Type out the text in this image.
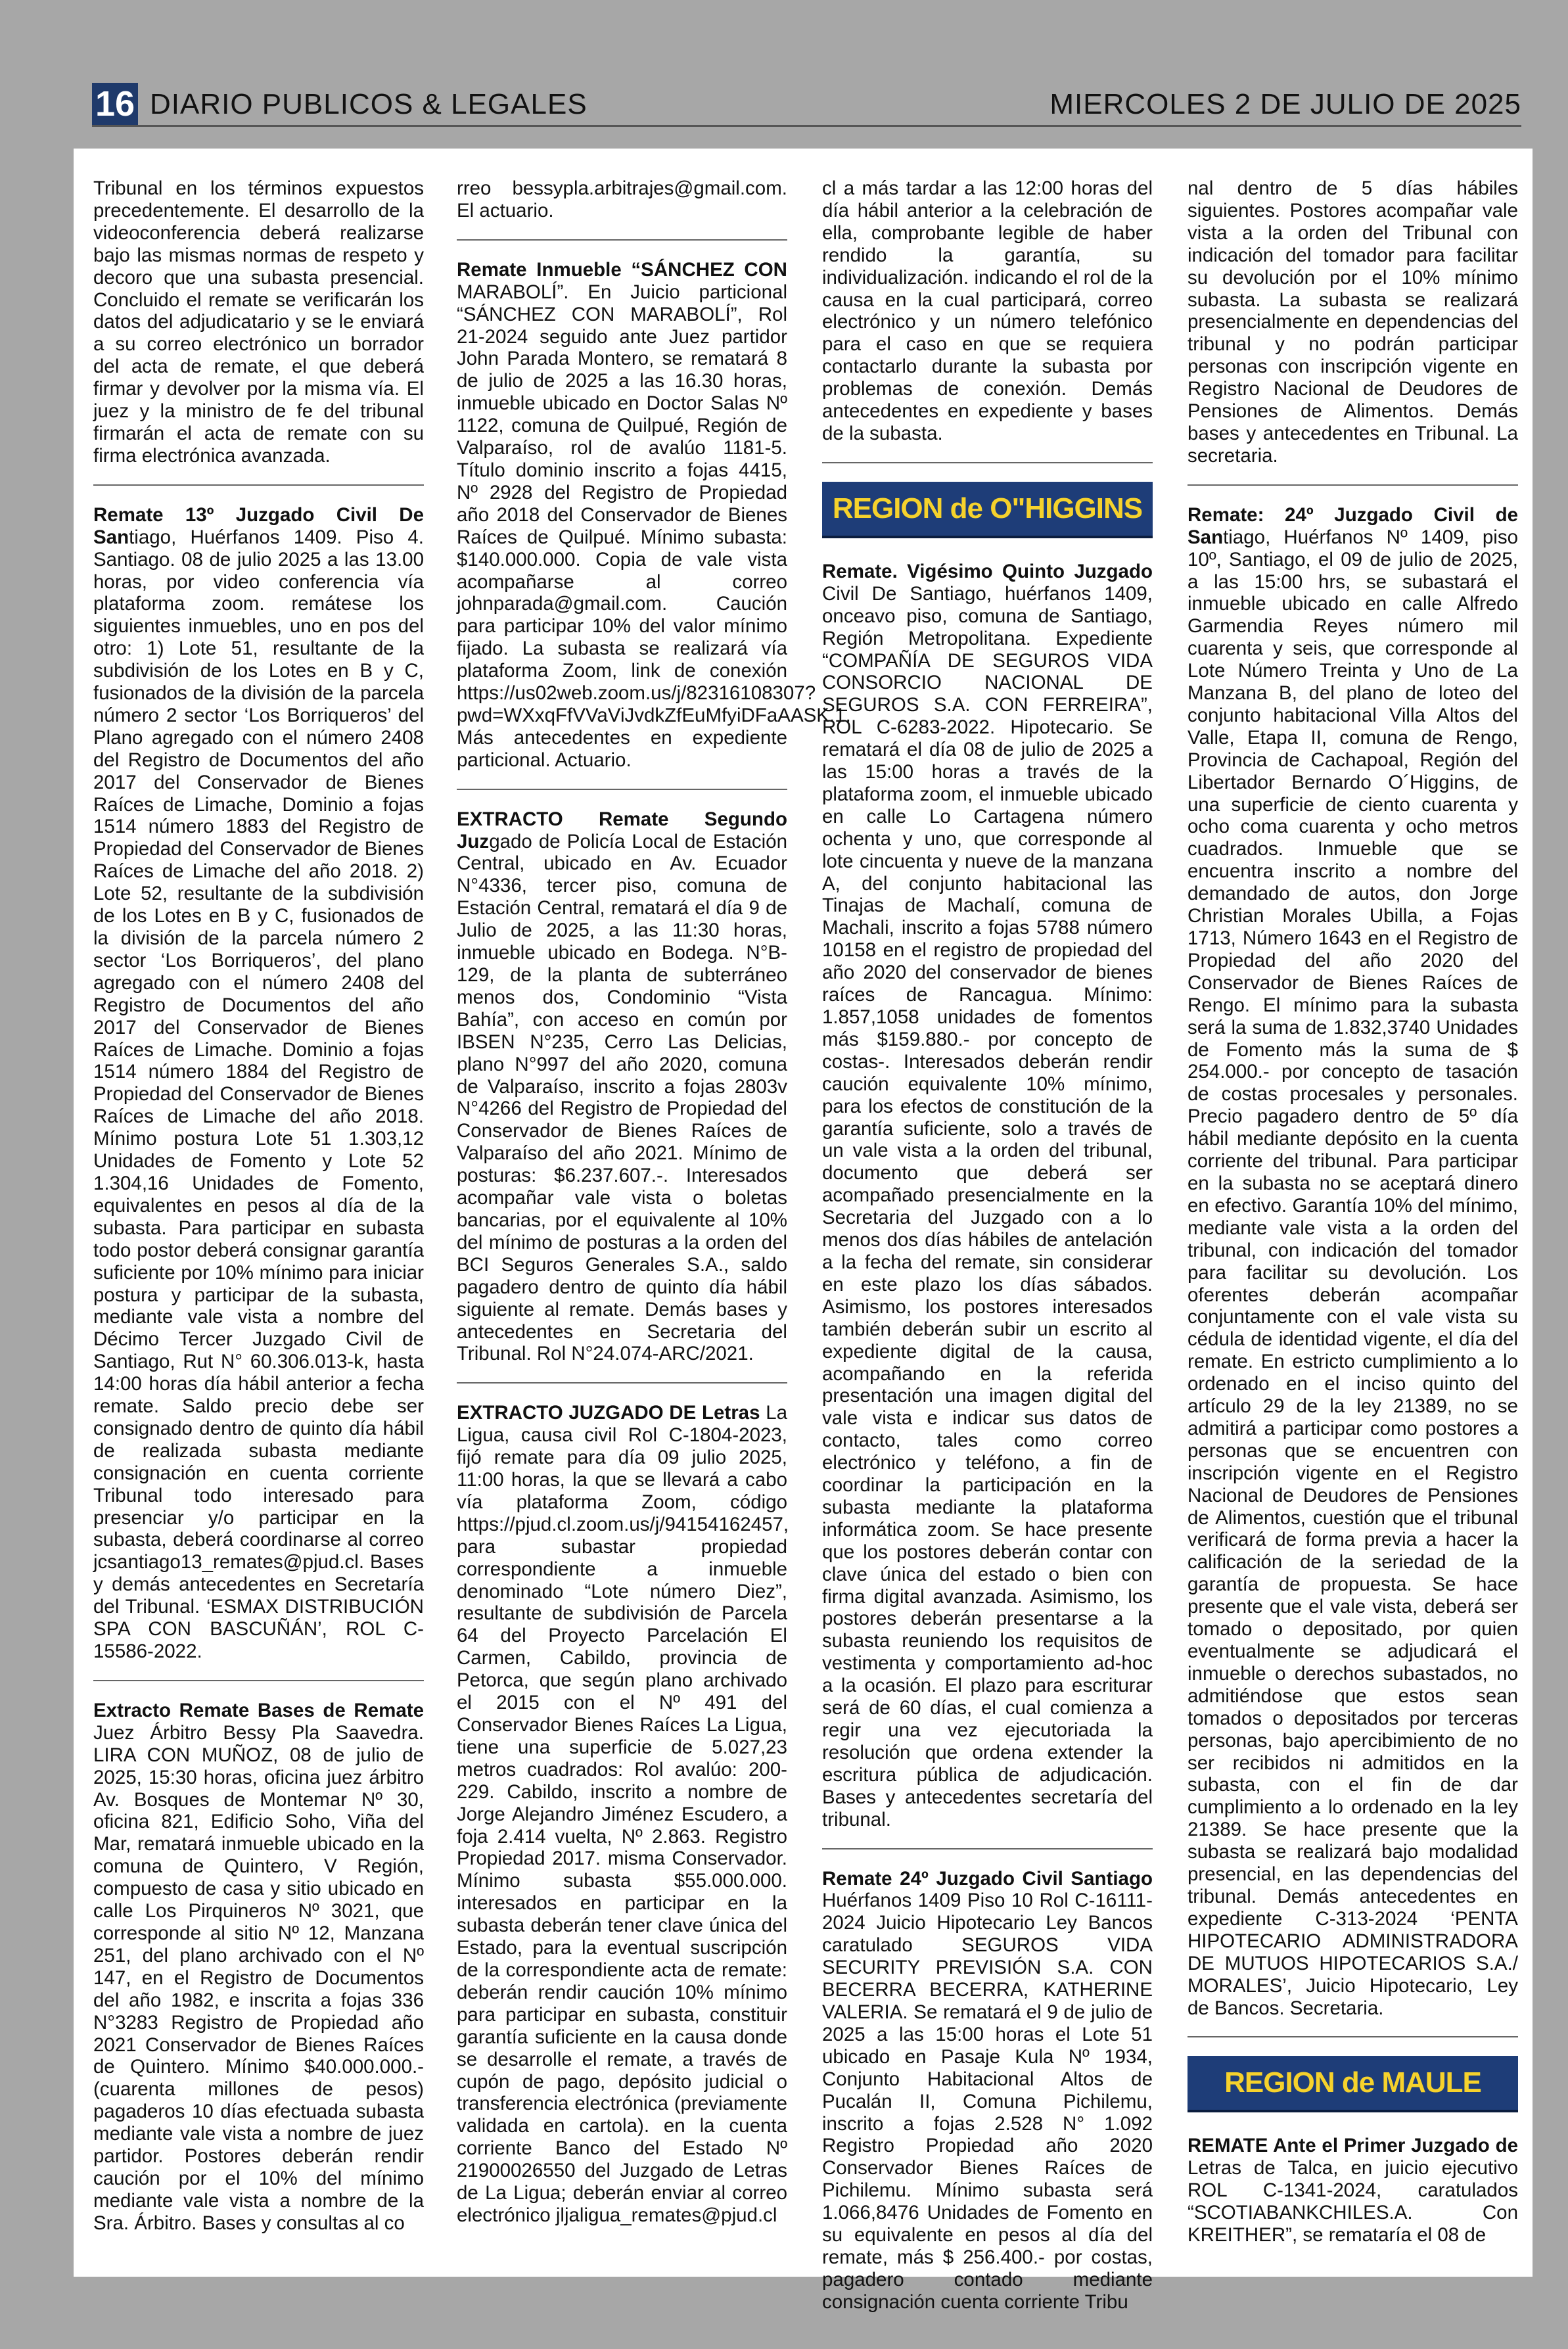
16 DIARIO PUBLICOS & LEGALES	MIERCOLES 2 DE JULIO DE 2025

Tribunal en los términos expuestos precedentemente. El desarrollo de la videoconferencia deberá realizarse bajo las mismas normas de respeto y decoro que una subasta presencial. Concluido el remate se verificarán los datos del adjudicatario y se le enviará a su correo electrónico un borrador del acta de remate, el que deberá firmar y devolver por la misma vía. El juez y la ministro de fe del tribunal firmarán el acta de remate con su firma electrónica avanzada.

Remate 13º Juzgado Civil De Santiago, Huérfanos 1409. Piso 4. Santiago. 08 de julio 2025 a las 13.00 horas, por video conferencia vía plataforma zoom. remátese los siguientes inmuebles, uno en pos del otro: 1) Lote 51, resultante de la subdivisión de los Lotes en B y C, fusionados de la división de la parcela número 2 sector ‘Los Borriqueros’ del Plano agregado con el número 2408 del Registro de Documentos del año 2017 del Conservador de Bienes Raíces de Limache, Dominio a fojas 1514 número 1883 del Registro de Propiedad del Conservador de Bienes Raíces de Limache del año 2018. 2) Lote 52, resultante de la subdivisión de los Lotes en B y C, fusionados de la división de la parcela número 2 sector ‘Los Borriqueros’, del plano agregado con el número 2408 del Registro de Documentos del año 2017 del Conservador de Bienes Raíces de Limache. Dominio a fojas 1514 número 1884 del Registro de Propiedad del Conservador de Bienes Raíces de Limache del año 2018. Mínimo postura Lote 51 1.303,12 Unidades de Fomento y Lote 52 1.304,16 Unidades de Fomento, equivalentes en pesos al día de la subasta. Para participar en subasta todo postor deberá consignar garantía suficiente por 10% mínimo para iniciar postura y participar de la subasta, mediante vale vista a nombre del Décimo Tercer Juzgado Civil de Santiago, Rut N° 60.306.013-k, hasta 14:00 horas día hábil anterior a fecha remate. Saldo precio debe ser consignado dentro de quinto día hábil de realizada subasta mediante consignación en cuenta corriente Tribunal todo interesado para presenciar y/o participar en la subasta, deberá coordinarse al correo jcsantiago13_remates@pjud.cl. Bases y demás antecedentes en Secretaría del Tribunal. ‘ESMAX DISTRIBUCIÓN SPA CON BASCUÑÁN’, ROL C-15586-2022.

Extracto Remate Bases de Remate Juez Árbitro Bessy Pla Saavedra. LIRA CON MUÑOZ, 08 de julio de 2025, 15:30 horas, oficina juez árbitro Av. Bosques de Montemar Nº 30, oficina 821, Edificio Soho, Viña del Mar, rematará inmueble ubicado en la comuna de Quintero, V Región, compuesto de casa y sitio ubicado en calle Los Pirquineros Nº 3021, que corresponde al sitio Nº 12, Manzana 251, del plano archivado con el Nº 147, en el Registro de Documentos del año 1982, e inscrita a fojas 336 N°3283 Registro de Propiedad año 2021 Conservador de Bienes Raíces de Quintero. Mínimo $40.000.000.- (cuarenta millones de pesos) pagaderos 10 días efectuada subasta mediante vale vista a nombre de juez partidor. Postores deberán rendir caución por el 10% del mínimo mediante vale vista a nombre de la Sra. Árbitro. Bases y consultas al co

rreo bessypla.arbitrajes@gmail.com. El actuario.

Remate Inmueble “SÁNCHEZ CON MARABOLÍ”. En Juicio particional “SÁNCHEZ CON MARABOLÍ”, Rol 21-2024 seguido ante Juez partidor John Parada Montero, se rematará 8 de julio de 2025 a las 16.30 horas, inmueble ubicado en Doctor Salas Nº 1122, comuna de Quilpué, Región de Valparaíso, rol de avalúo 1181-5. Título dominio inscrito a fojas 4415, Nº 2928 del Registro de Propiedad año 2018 del Conservador de Bienes Raíces de Quilpué. Mínimo subasta: $140.000.000. Copia de vale vista acompañarse al correo johnparada@gmail.com. Caución para participar 10% del valor mínimo fijado. La subasta se realizará vía plataforma Zoom, link de conexión https://us02web.zoom.us/j/82316108307?pwd=WXxqFfVVaViJvdkZfEuMfyiDFaAASK.1. Más antecedentes en expediente particional. Actuario.

EXTRACTO Remate Segundo Juzgado de Policía Local de Estación Central, ubicado en Av. Ecuador N°4336, tercer piso, comuna de Estación Central, rematará el día 9 de Julio de 2025, a las 11:30 horas, inmueble ubicado en Bodega. N°B-129, de la planta de subterráneo menos dos, Condominio “Vista Bahía”, con acceso en común por IBSEN N°235, Cerro Las Delicias, plano N°997 del año 2020, comuna de Valparaíso, inscrito a fojas 2803v N°4266 del Registro de Propiedad del Conservador de Bienes Raíces de Valparaíso del año 2021. Mínimo de posturas: $6.237.607.-. Interesados acompañar vale vista o boletas bancarias, por el equivalente al 10% del mínimo de posturas a la orden del BCI Seguros Generales S.A., saldo pagadero dentro de quinto día hábil siguiente al remate. Demás bases y antecedentes en Secretaria del Tribunal. Rol N°24.074-ARC/2021.

EXTRACTO JUZGADO DE Letras La Ligua, causa civil Rol C-1804-2023, fijó remate para día 09 julio 2025, 11:00 horas, la que se llevará a cabo vía plataforma Zoom, código https://pjud.cl.zoom.us/j/94154162457, para subastar propiedad correspondiente a inmueble denominado “Lote número Diez”, resultante de subdivisión de Parcela 64 del Proyecto Parcelación El Carmen, Cabildo, provincia de Petorca, que según plano archivado el 2015 con el Nº 491 del Conservador Bienes Raíces La Ligua, tiene una superficie de 5.027,23 metros cuadrados: Rol avalúo: 200-229. Cabildo, inscrito a nombre de Jorge Alejandro Jiménez Escudero, a foja 2.414 vuelta, Nº 2.863. Registro Propiedad 2017. misma Conservador. Mínimo subasta $55.000.000. interesados en participar en la subasta deberán tener clave única del Estado, para la eventual suscripción de la correspondiente acta de remate: deberán rendir caución 10% mínimo para participar en subasta, constituir garantía suficiente en la causa donde se desarrolle el remate, a través de cupón de pago, depósito judicial o transferencia electrónica (previamente validada en cartola). en la cuenta corriente Banco del Estado Nº 21900026550 del Juzgado de Letras de La Ligua; deberán enviar al correo electrónico jljaligua_remates@pjud.cl

cl a más tardar a las 12:00 horas del día hábil anterior a la celebración de ella, comprobante legible de haber rendido la garantía, su individualización. indicando el rol de la causa en la cual participará, correo electrónico y un número telefónico para el caso en que se requiera contactarlo durante la subasta por problemas de conexión. Demás antecedentes en expediente y bases de la subasta.

REGION de O"HIGGINS

Remate. Vigésimo Quinto Juzgado Civil De Santiago, huérfanos 1409, onceavo piso, comuna de Santiago, Región Metropolitana. Expediente “COMPAÑÍA DE SEGUROS VIDA CONSORCIO NACIONAL DE SEGUROS S.A. CON FERREIRA”, ROL C-6283-2022. Hipotecario. Se rematará el día 08 de julio de 2025 a las 15:00 horas a través de la plataforma zoom, el inmueble ubicado en calle Lo Cartagena número ochenta y uno, que corresponde al lote cincuenta y nueve de la manzana A, del conjunto habitacional las Tinajas de Machalí, comuna de Machali, inscrito a fojas 5788 número 10158 en el registro de propiedad del año 2020 del conservador de bienes raíces de Rancagua. Mínimo: 1.857,1058 unidades de fomentos más $159.880.- por concepto de costas-. Interesados deberán rendir caución equivalente 10% mínimo, para los efectos de constitución de la garantía suficiente, solo a través de un vale vista a la orden del tribunal, documento que deberá ser acompañado presencialmente en la Secretaria del Juzgado con a lo menos dos días hábiles de antelación a la fecha del remate, sin considerar en este plazo los días sábados. Asimismo, los postores interesados también deberán subir un escrito al expediente digital de la causa, acompañando en la referida presentación una imagen digital del vale vista e indicar sus datos de contacto, tales como correo electrónico y teléfono, a fin de coordinar la participación en la subasta mediante la plataforma informática zoom. Se hace presente que los postores deberán contar con clave única del estado o bien con firma digital avanzada. Asimismo, los postores deberán presentarse a la subasta reuniendo los requisitos de vestimenta y comportamiento ad-hoc a la ocasión. El plazo para escriturar será de 60 días, el cual comienza a regir una vez ejecutoriada la resolución que ordena extender la escritura pública de adjudicación. Bases y antecedentes secretaría del tribunal.

Remate 24º Juzgado Civil Santiago Huérfanos 1409 Piso 10 Rol C-16111-2024 Juicio Hipotecario Ley Bancos caratulado SEGUROS VIDA SECURITY PREVISIÓN S.A. CON BECERRA BECERRA, KATHERINE VALERIA. Se rematará el 9 de julio de 2025 a las 15:00 horas el Lote 51 ubicado en Pasaje Kula Nº 1934, Conjunto Habitacional Altos de Pucalán II, Comuna Pichilemu, inscrito a fojas 2.528 N° 1.092 Registro Propiedad año 2020 Conservador Bienes Raíces de Pichilemu. Mínimo subasta será 1.066,8476 Unidades de Fomento en su equivalente en pesos al día del remate, más $ 256.400.- por costas, pagadero contado mediante consignación cuenta corriente Tribu

nal dentro de 5 días hábiles siguientes. Postores acompañar vale vista a la orden del Tribunal con indicación del tomador para facilitar su devolución por el 10% mínimo subasta. La subasta se realizará presencialmente en dependencias del tribunal y no podrán participar personas con inscripción vigente en Registro Nacional de Deudores de Pensiones de Alimentos. Demás bases y antecedentes en Tribunal. La secretaria.

Remate: 24º Juzgado Civil de Santiago, Huérfanos Nº 1409, piso 10º, Santiago, el 09 de julio de 2025, a las 15:00 hrs, se subastará el inmueble ubicado en calle Alfredo Garmendia Reyes número mil cuarenta y seis, que corresponde al Lote Número Treinta y Uno de La Manzana B, del plano de loteo del conjunto habitacional Villa Altos del Valle, Etapa II, comuna de Rengo, Provincia de Cachapoal, Región del Libertador Bernardo O´Higgins, de una superficie de ciento cuarenta y ocho coma cuarenta y ocho metros cuadrados. Inmueble que se encuentra inscrito a nombre del demandado de autos, don Jorge Christian Morales Ubilla, a Fojas 1713, Número 1643 en el Registro de Propiedad del año 2020 del Conservador de Bienes Raíces de Rengo. El mínimo para la subasta será la suma de 1.832,3740 Unidades de Fomento más la suma de $ 254.000.- por concepto de tasación de costas procesales y personales. Precio pagadero dentro de 5º día hábil mediante depósito en la cuenta corriente del tribunal. Para participar en la subasta no se aceptará dinero en efectivo. Garantía 10% del mínimo, mediante vale vista a la orden del tribunal, con indicación del tomador para facilitar su devolución. Los oferentes deberán acompañar conjuntamente con el vale vista su cédula de identidad vigente, el día del remate. En estricto cumplimiento a lo ordenado en el inciso quinto del artículo 29 de la ley 21389, no se admitirá a participar como postores a personas que se encuentren con inscripción vigente en el Registro Nacional de Deudores de Pensiones de Alimentos, cuestión que el tribunal verificará de forma previa a hacer la calificación de la seriedad de la garantía de propuesta. Se hace presente que el vale vista, deberá ser tomado o depositado, por quien eventualmente se adjudicará el inmueble o derechos subastados, no admitiéndose que estos sean tomados o depositados por terceras personas, bajo apercibimiento de no ser recibidos ni admitidos en la subasta, con el fin de dar cumplimiento a lo ordenado en la ley 21389. Se hace presente que la subasta se realizará bajo modalidad presencial, en las dependencias del tribunal. Demás antecedentes en expediente C-313-2024 ‘PENTA HIPOTECARIO ADMINISTRADORA DE MUTUOS HIPOTECARIOS S.A./ MORALES’, Juicio Hipotecario, Ley de Bancos. Secretaria.

REGION de MAULE

REMATE Ante el Primer Juzgado de Letras de Talca, en juicio ejecutivo ROL C-1341-2024, caratulados “SCOTIABANKCHILES.A. Con KREITHER”, se remataría el 08 de
